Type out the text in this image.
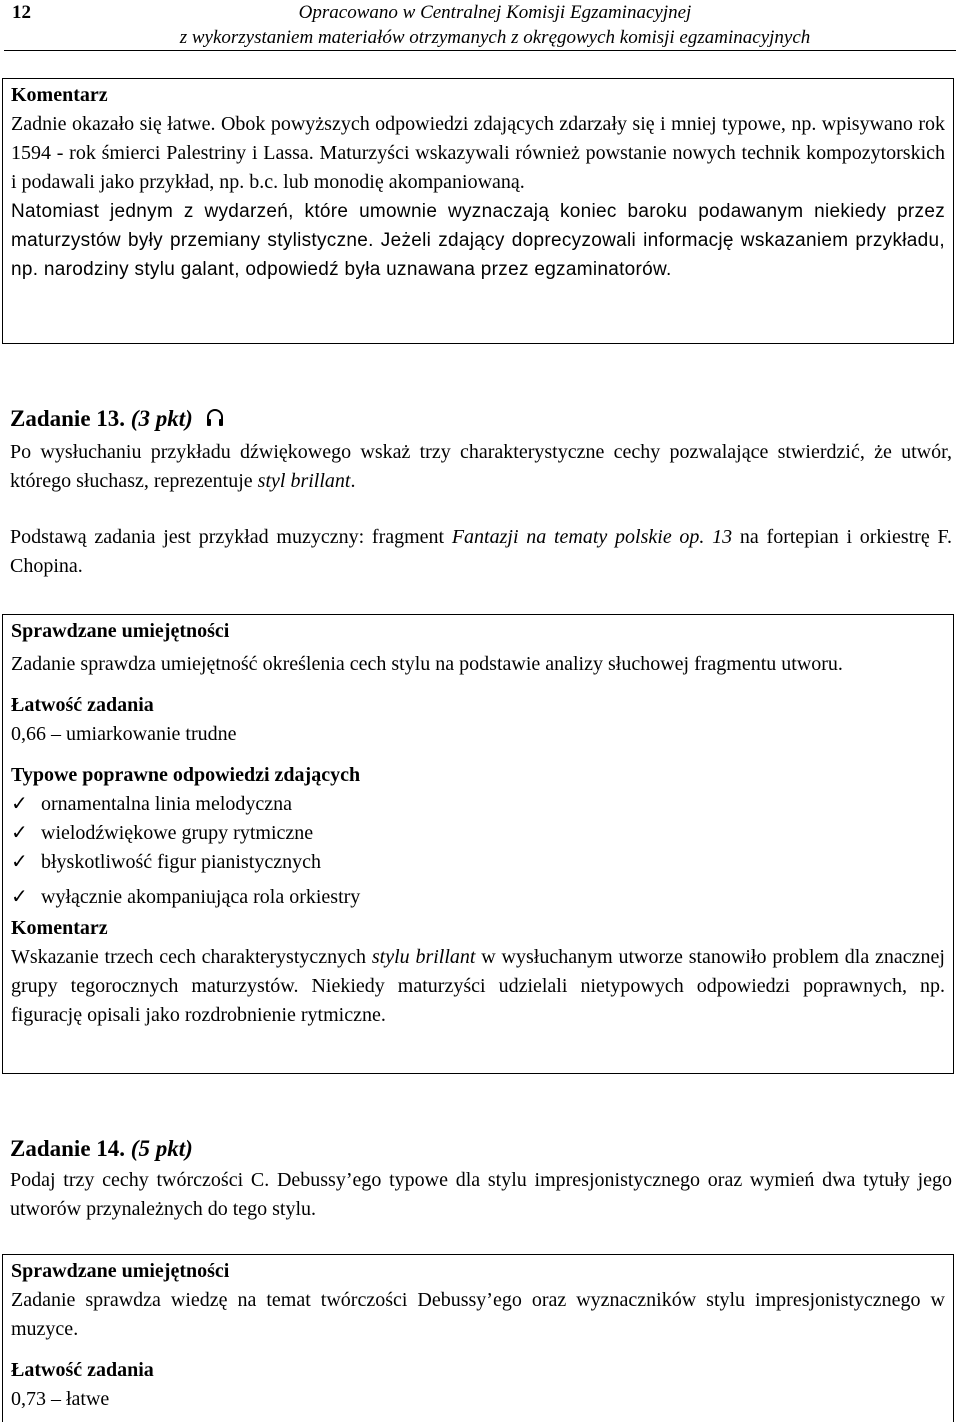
12	Opracowano w Centralnej Komisji Egzaminacyjnej
z wykorzystaniem materiałów otrzymanych z okręgowych komisji egzaminacyjnych

Komentarz

Zadnie okazało się łatwe. Obok powyższych odpowiedzi zdających zdarzały się i mniej typowe, np. wpisywano rok 1594 - rok śmierci Palestriny i Lassa. Maturzyści wskazywali również powstanie nowych technik kompozytorskich i podawali jako przykład, np. b.c. lub monodię akompaniowaną.

Natomiast jednym z wydarzeń, które umownie wyznaczają koniec baroku podawanym niekiedy przez maturzystów były przemiany stylistyczne. Jeżeli zdający doprecyzowali informację wskazaniem przykładu, np. narodziny stylu galant, odpowiedź była uznawana przez egzaminatorów.

Zadanie 13. (3 pkt)

Po wysłuchaniu przykładu dźwiękowego wskaż trzy charakterystyczne cechy pozwalające stwierdzić, że utwór, którego słuchasz, reprezentuje styl brillant.

Podstawą zadania jest przykład muzyczny: fragment Fantazji na tematy polskie op. 13 na fortepian i orkiestrę F. Chopina.

Sprawdzane umiejętności

Zadanie sprawdza umiejętność określenia cech stylu na podstawie analizy słuchowej fragmentu utworu.

Łatwość zadania

0,66 – umiarkowanie trudne

Typowe poprawne odpowiedzi zdających

✓ ornamentalna linia melodyczna
✓ wielodźwiękowe grupy rytmiczne
✓ błyskotliwość figur pianistycznych
✓ wyłącznie akompaniująca rola orkiestry

Komentarz

Wskazanie trzech cech charakterystycznych stylu brillant w wysłuchanym utworze stanowiło problem dla znacznej grupy tegorocznych maturzystów. Niekiedy maturzyści udzielali nietypowych odpowiedzi poprawnych, np. figurację opisali jako rozdrobnienie rytmiczne.

Zadanie 14. (5 pkt)

Podaj trzy cechy twórczości C. Debussy’ego typowe dla stylu impresjonistycznego oraz wymień dwa tytuły jego utworów przynależnych do tego stylu.

Sprawdzane umiejętności

Zadanie sprawdza wiedzę na temat twórczości Debussy’ego oraz wyznaczników stylu impresjonistycznego w muzyce.

Łatwość zadania

0,73 – łatwe
